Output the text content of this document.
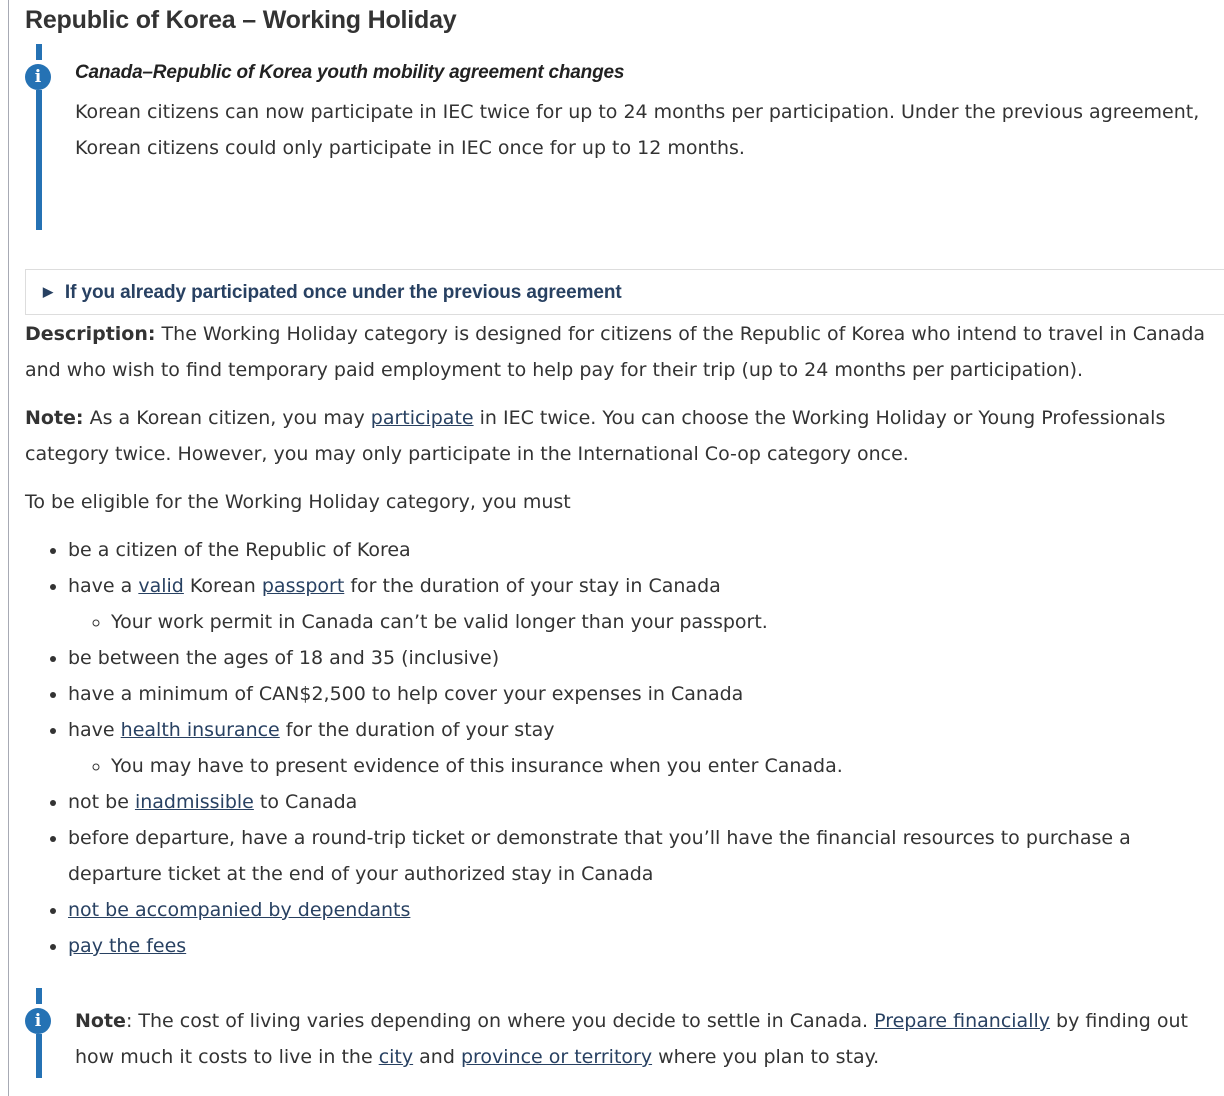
Republic of Korea – Working Holiday
i	Canada–Republic of Korea youth mobility agreement changes
Korean citizens can now participate in IEC twice for up to 24 months per participation. Under the previous agreement, Korean citizens could only participate in IEC once for up to 12 months.
▶ If you already participated once under the previous agreement

Description: The Working Holiday category is designed for citizens of the Republic of Korea who intend to travel in Canada and who wish to find temporary paid employment to help pay for their trip (up to 24 months per participation).

Note: As a Korean citizen, you may participate in IEC twice. You can choose the Working Holiday or Young Professionals category twice. However, you may only participate in the International Co-op category once.

To be eligible for the Working Holiday category, you must

• be a citizen of the Republic of Korea
• have a valid Korean passport for the duration of your stay in Canada
◦ Your work permit in Canada can’t be valid longer than your passport.
• be between the ages of 18 and 35 (inclusive)
• have a minimum of CAN$2,500 to help cover your expenses in Canada
• have health insurance for the duration of your stay
◦ You may have to present evidence of this insurance when you enter Canada.
• not be inadmissible to Canada
• before departure, have a round-trip ticket or demonstrate that you’ll have the financial resources to purchase a departure ticket at the end of your authorized stay in Canada
• not be accompanied by dependants
• pay the fees
i	Note: The cost of living varies depending on where you decide to settle in Canada. Prepare financially by finding out how much it costs to live in the city and province or territory where you plan to stay.
